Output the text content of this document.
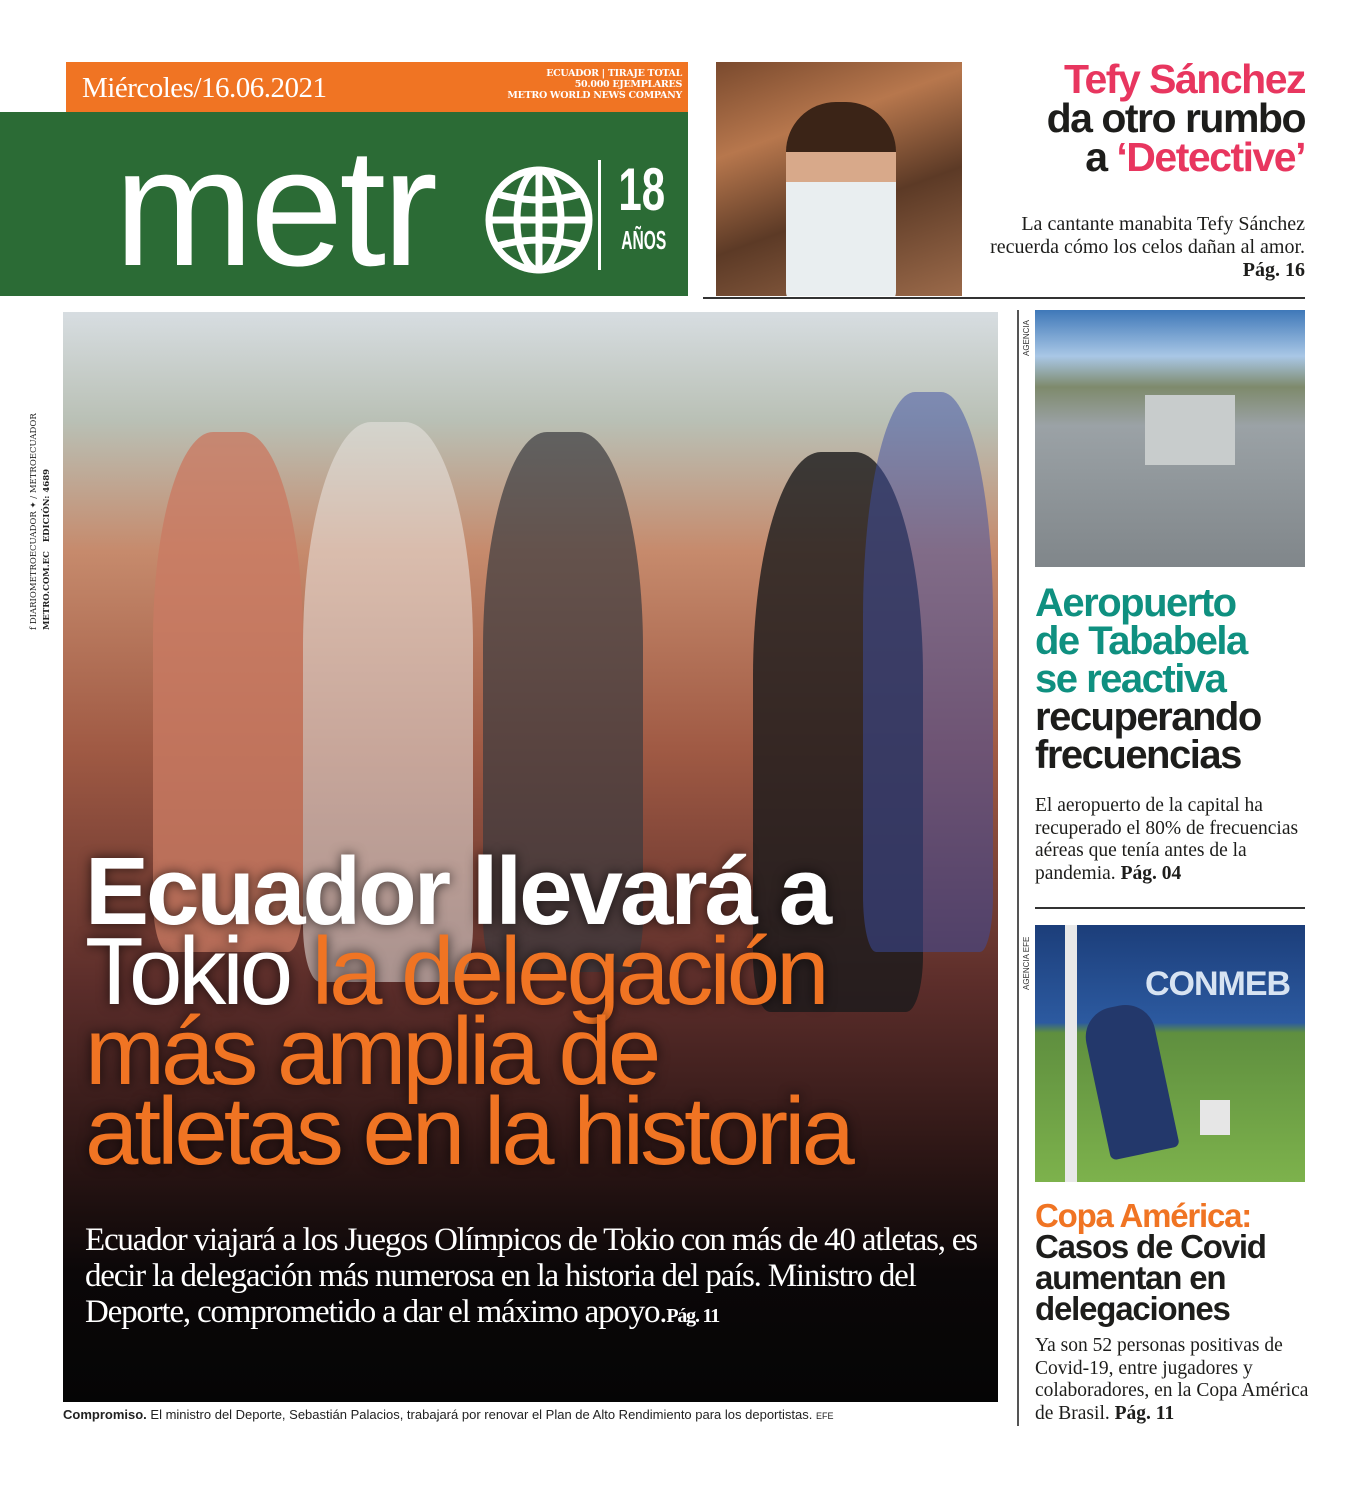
Miércoles/16.06.2021	ECUADOR | TIRAJE TOTAL
50.000 EJEMPLARES
METRO WORLD NEWS COMPANY
metr	18
AÑOS
Tefy Sánchez
da otro rumbo
a ‘Detective’
La cantante manabita Tefy Sánchez recuerda cómo los celos dañan al amor. Pág. 16
f DIARIOMETROECUADOR ✦ / METROECUADOR METRO.COM.EC   EDICIÓN: 4689
Ecuador llevará a
Tokio la delegación
más amplia de
atletas en la historia
Ecuador viajará a los Juegos Olímpicos de Tokio con más de 40 atletas, es decir la delegación más numerosa en la historia del país. Ministro del Deporte, comprometido a dar el máximo apoyo.Pág. 11
Compromiso. El ministro del Deporte, Sebastián Palacios, trabajará por renovar el Plan de Alto Rendimiento para los deportistas. EFE
AGENCIA
Aeropuerto
de Tababela
se reactiva
recuperando
frecuencias
El aeropuerto de la capital ha recuperado el 80% de frecuencias aéreas que tenía antes de la pandemia. Pág. 04
CONMEB
AGENCIA EFE
Copa América:
Casos de Covid
aumentan en
delegaciones
Ya son 52 personas positivas de Covid-19, entre jugadores y colaboradores, en la Copa América de Brasil. Pág. 11
